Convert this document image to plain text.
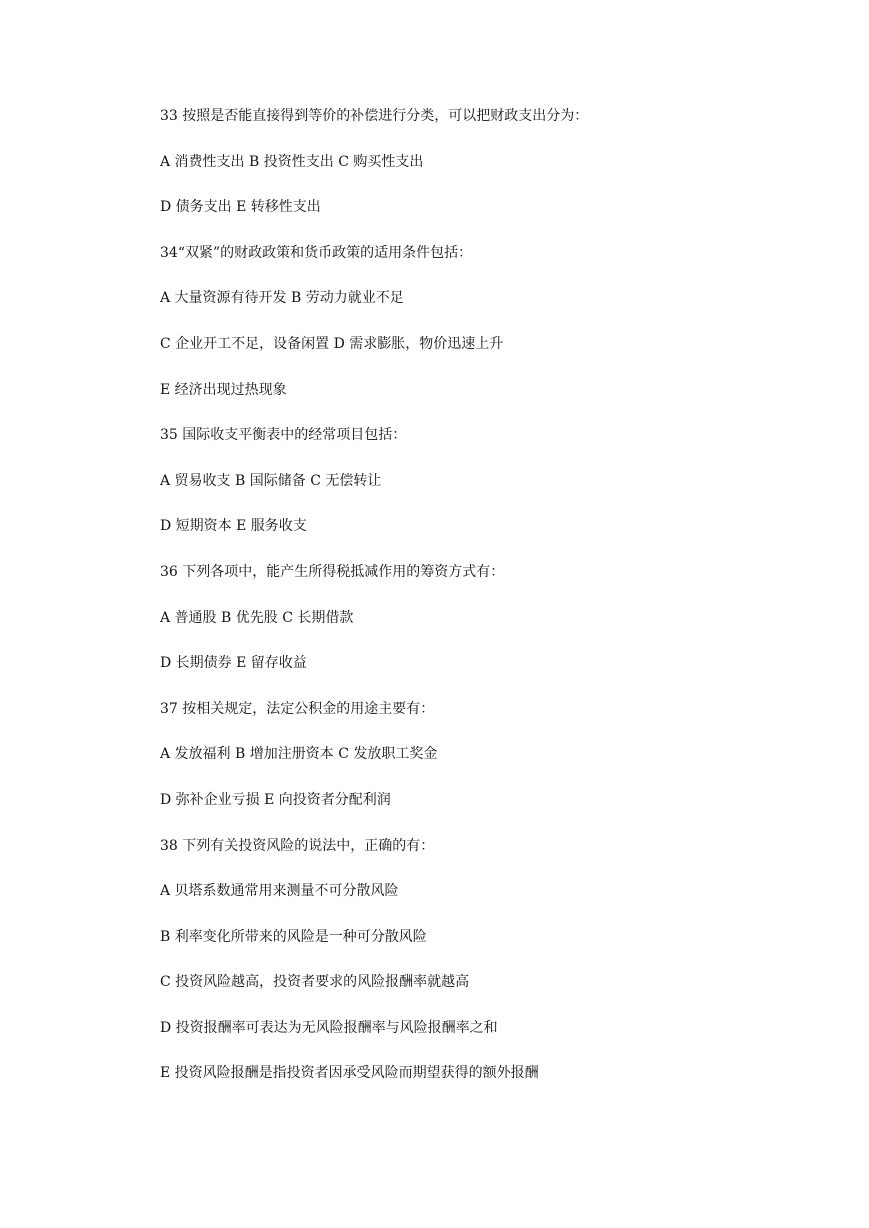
33 按照是否能直接得到等价的补偿进行分类，可以把财政支出分为：
A 消费性支出 B 投资性支出 C 购买性支出
D 债务支出 E 转移性支出
34“双紧”的财政政策和货币政策的适用条件包括：
A 大量资源有待开发 B 劳动力就业不足
C 企业开工不足，设备闲置 D 需求膨胀，物价迅速上升
E 经济出现过热现象
35 国际收支平衡表中的经常项目包括：
A 贸易收支 B 国际储备 C 无偿转让
D 短期资本 E 服务收支
36 下列各项中，能产生所得税抵减作用的筹资方式有：
A 普通股 B 优先股 C 长期借款
D 长期债券 E 留存收益
37 按相关规定，法定公积金的用途主要有：
A 发放福利 B 增加注册资本 C 发放职工奖金
D 弥补企业亏损 E 向投资者分配利润
38 下列有关投资风险的说法中，正确的有：
A 贝塔系数通常用来测量不可分散风险
B 利率变化所带来的风险是一种可分散风险
C 投资风险越高，投资者要求的风险报酬率就越高
D 投资报酬率可表达为无风险报酬率与风险报酬率之和
E 投资风险报酬是指投资者因承受风险而期望获得的额外报酬
